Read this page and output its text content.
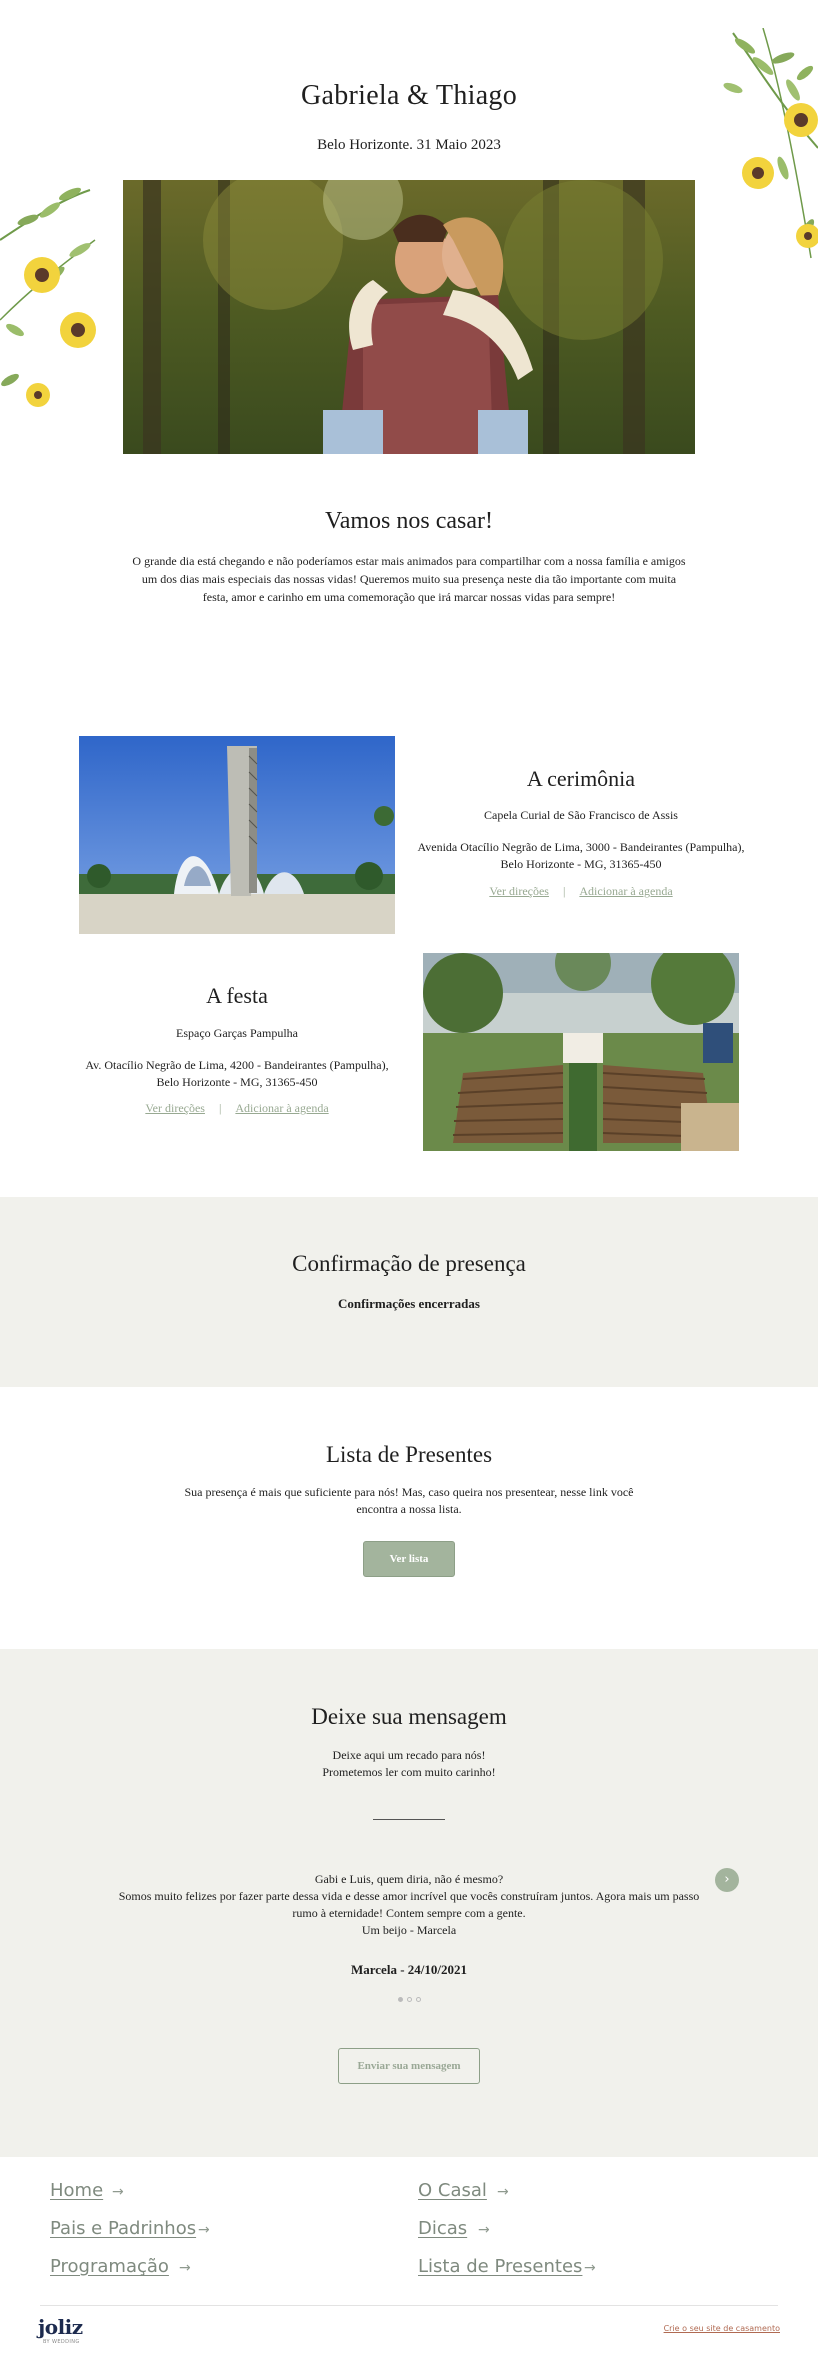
Gabriela & Thiago
Belo Horizonte. 31 Maio 2023
Vamos nos casar!

O grande dia está chegando e não poderíamos estar mais animados para compartilhar com a nossa família e amigos um dos dias mais especiais das nossas vidas! Queremos muito sua presença neste dia tão importante com muita festa, amor e carinho em uma comemoração que irá marcar nossas vidas para sempre!

A cerimônia
Capela Curial de São Francisco de Assis
Avenida Otacílio Negrão de Lima, 3000 - Bandeirantes (Pampulha),
Belo Horizonte - MG, 31365-450
Ver direções | Adicionar à agenda
A festa
Espaço Garças Pampulha
Av. Otacílio Negrão de Lima, 4200 - Bandeirantes (Pampulha),
Belo Horizonte - MG, 31365-450
Ver direções | Adicionar à agenda
Confirmação de presença
Confirmações encerradas
Lista de Presentes
Sua presença é mais que suficiente para nós! Mas, caso queira nos presentear, nesse link você
encontra a nossa lista.
Ver lista
Deixe sua mensagem
Deixe aqui um recado para nós!
Prometemos ler com muito carinho!
Gabi e Luis, quem diria, não é mesmo?
Somos muito felizes por fazer parte dessa vida e desse amor incrível que vocês construíram juntos. Agora mais um passo rumo à eternidade! Contem sempre com a gente.
Um beijo - Marcela
›
Marcela - 24/10/2021
Enviar sua mensagem
Home →	O Casal →
Pais e Padrinhos →	Dicas →
Programação →	Lista de Presentes →
joliz
BY WEDDING
Crie o seu site de casamento
